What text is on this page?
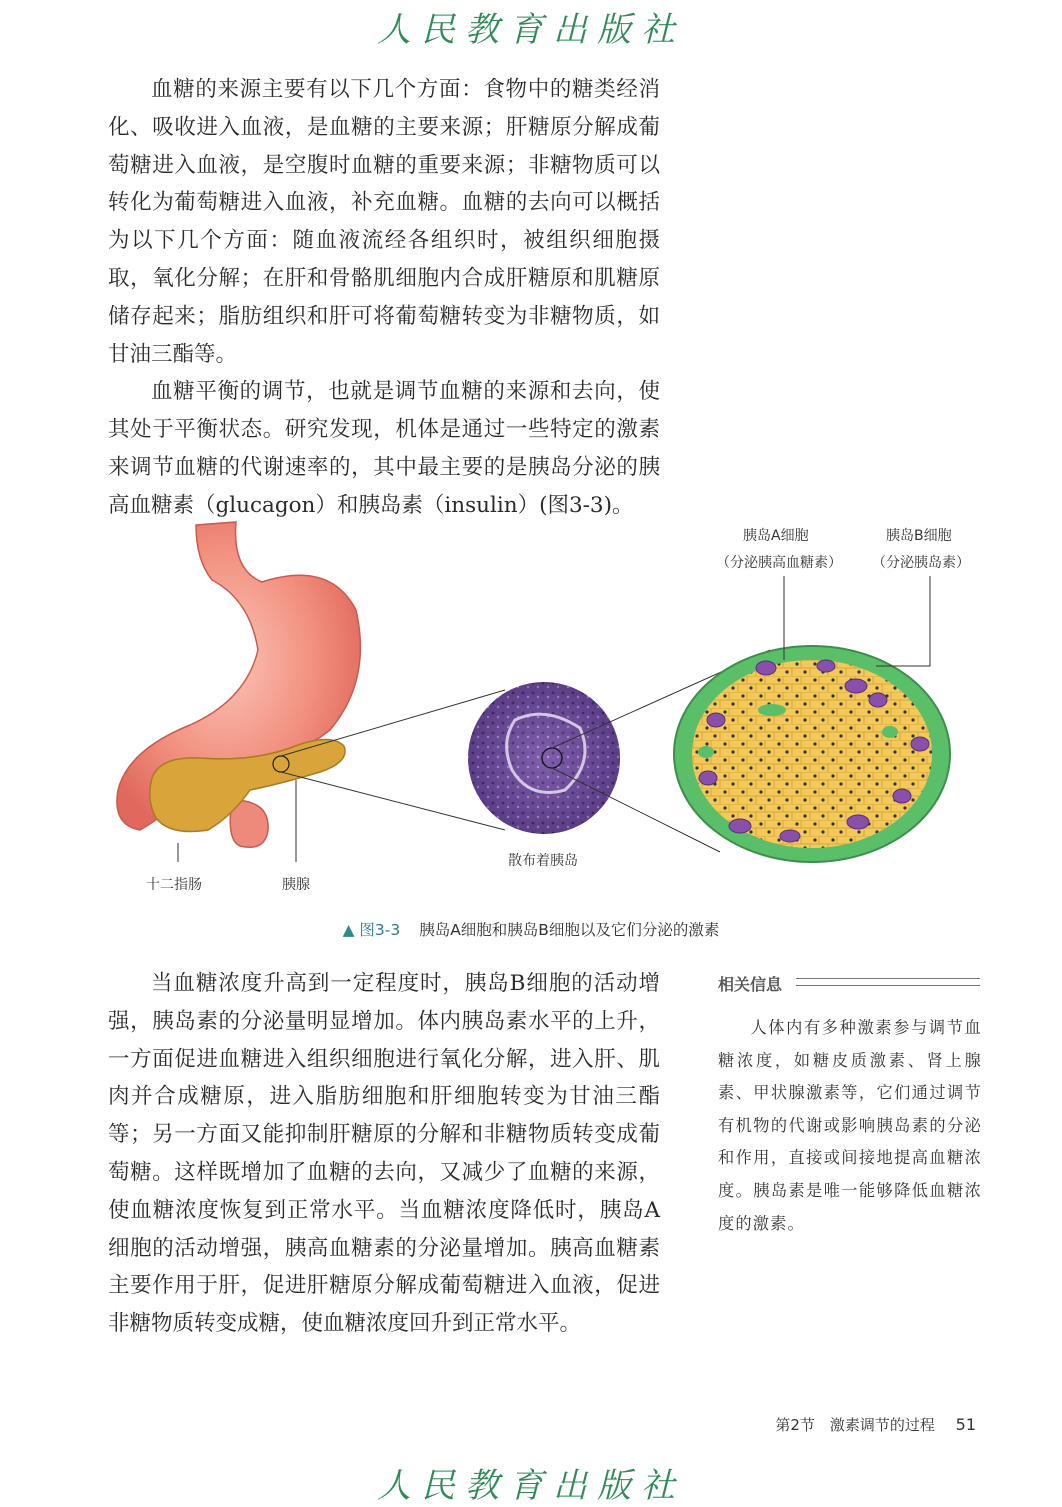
人民教育出版社

血糖的来源主要有以下几个方面：食物中的糖类经消化、吸收进入血液，是血糖的主要来源；肝糖原分解成葡萄糖进入血液，是空腹时血糖的重要来源；非糖物质可以转化为葡萄糖进入血液，补充血糖。血糖的去向可以概括为以下几个方面：随血液流经各组织时，被组织细胞摄取，氧化分解；在肝和骨骼肌细胞内合成肝糖原和肌糖原储存起来；脂肪组织和肝可将葡萄糖转变为非糖物质，如甘油三酯等。

血糖平衡的调节，也就是调节血糖的来源和去向，使其处于平衡状态。研究发现，机体是通过一些特定的激素来调节血糖的代谢速率的，其中最主要的是胰岛分泌的胰高血糖素（glucagon）和胰岛素（insulin）(图3-3)。

胰岛A细胞
（分泌胰高血糖素）
胰岛B细胞
（分泌胰岛素）
十二指肠	胰腺
散布着胰岛
▲ 图3-3 胰岛A细胞和胰岛B细胞以及它们分泌的激素

当血糖浓度升高到一定程度时，胰岛B细胞的活动增强，胰岛素的分泌量明显增加。体内胰岛素水平的上升，一方面促进血糖进入组织细胞进行氧化分解，进入肝、肌肉并合成糖原，进入脂肪细胞和肝细胞转变为甘油三酯等；另一方面又能抑制肝糖原的分解和非糖物质转变成葡萄糖。这样既增加了血糖的去向，又减少了血糖的来源，使血糖浓度恢复到正常水平。当血糖浓度降低时，胰岛A细胞的活动增强，胰高血糖素的分泌量增加。胰高血糖素主要作用于肝，促进肝糖原分解成葡萄糖进入血液，促进非糖物质转变成糖，使血糖浓度回升到正常水平。

相关信息

人体内有多种激素参与调节血糖浓度，如糖皮质激素、肾上腺素、甲状腺激素等，它们通过调节有机物的代谢或影响胰岛素的分泌和作用，直接或间接地提高血糖浓度。胰岛素是唯一能够降低血糖浓度的激素。

第2节　激素调节的过程 51
人民教育出版社
